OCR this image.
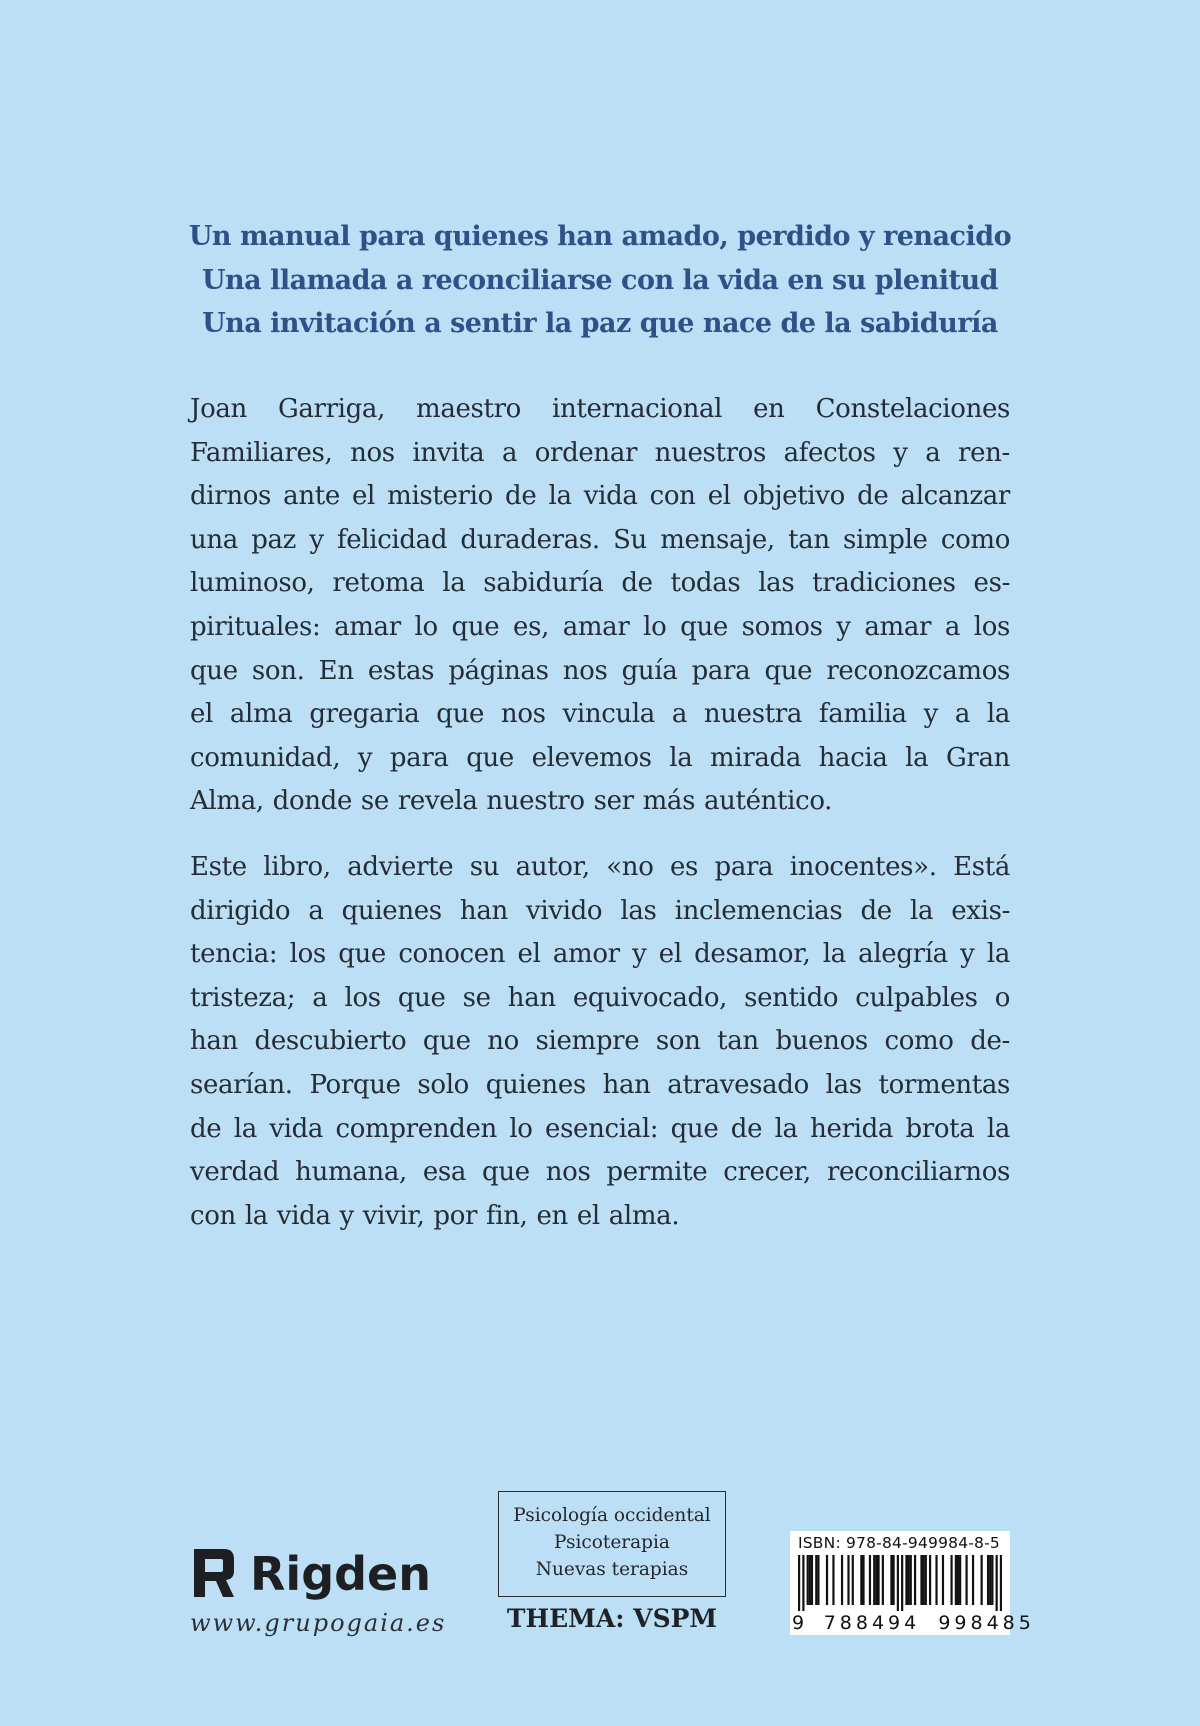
Un manual para quienes han amado, perdido y renacido
Una llamada a reconciliarse con la vida en su plenitud
Una invitación a sentir la paz que nace de la sabiduría

Joan Garriga, maestro internacional en Constelaciones
Familiares, nos invita a ordenar nuestros afectos y a ren-
dirnos ante el misterio de la vida con el objetivo de alcanzar
una paz y felicidad duraderas. Su mensaje, tan simple como
luminoso, retoma la sabiduría de todas las tradiciones es-
pirituales: amar lo que es, amar lo que somos y amar a los
que son. En estas páginas nos guía para que reconozcamos
el alma gregaria que nos vincula a nuestra familia y a la
comunidad, y para que elevemos la mirada hacia la Gran
Alma, donde se revela nuestro ser más auténtico.

Este libro, advierte su autor, «no es para inocentes». Está
dirigido a quienes han vivido las inclemencias de la exis-
tencia: los que conocen el amor y el desamor, la alegría y la
tristeza; a los que se han equivocado, sentido culpables o
han descubierto que no siempre son tan buenos como de-
searían. Porque solo quienes han atravesado las tormentas
de la vida comprenden lo esencial: que de la herida brota la
verdad humana, esa que nos permite crecer, reconciliarnos
con la vida y vivir, por fin, en el alma.

Rigden
www.grupogaia.es
Psicología occidental
Psicoterapia
Nuevas terapias
THEMA: VSPM
ISBN: 978-84-949984-8-5
9 788494 998485
